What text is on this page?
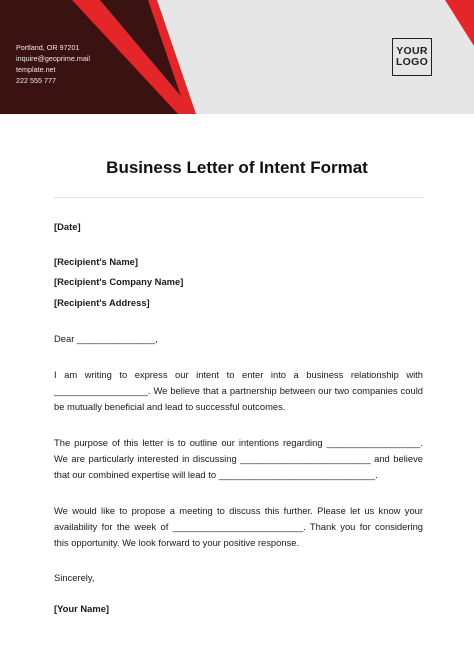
Portland, OR 97201
inquire@geoprime.mail
template.net
222 555 777
YOUR
LOGO
Business Letter of Intent Format
[Date]
[Recipient's Name]
[Recipient's Company Name]
[Recipient's Address]
Dear _______________,
I am writing to express our intent to enter into a business relationship with __________________. We believe that a partnership between our two companies could be mutually beneficial and lead to successful outcomes.
The purpose of this letter is to outline our intentions regarding __________________. We are particularly interested in discussing _________________________ and believe that our combined expertise will lead to ______________________________.
We would like to propose a meeting to discuss this further. Please let us know your availability for the week of _________________________. Thank you for considering this opportunity. We look forward to your positive response.
Sincerely,
[Your Name]
